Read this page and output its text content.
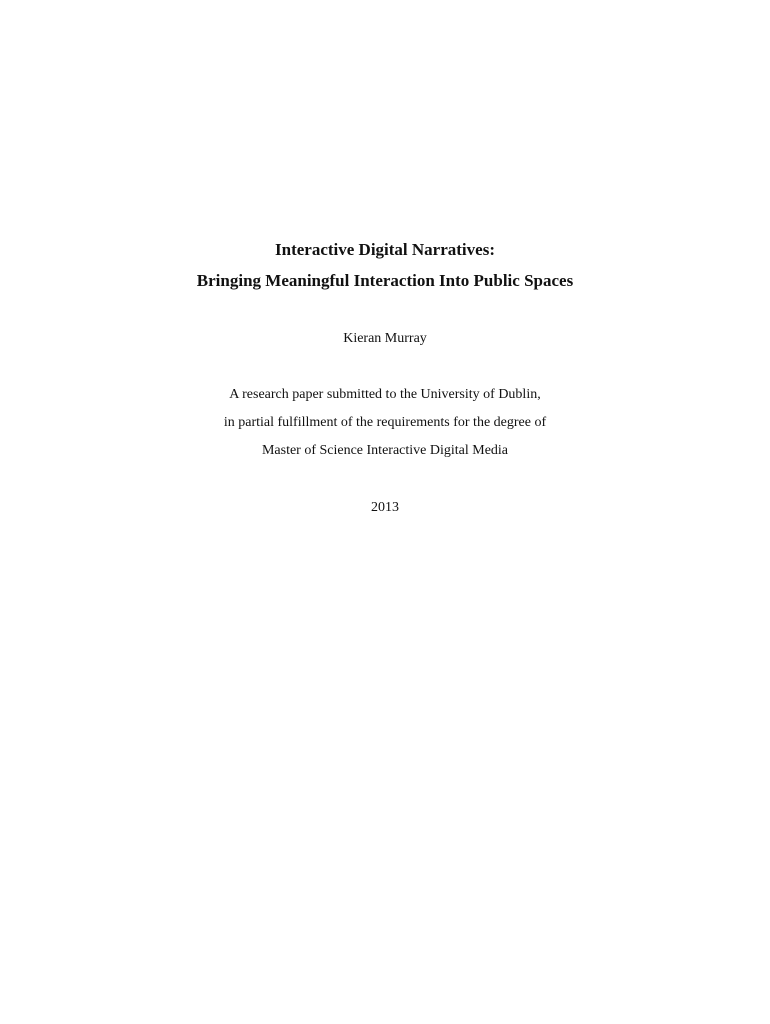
Interactive Digital Narratives:
Bringing Meaningful Interaction Into Public Spaces
Kieran Murray
A research paper submitted to the University of Dublin,
in partial fulfillment of the requirements for the degree of
Master of Science Interactive Digital Media
2013
